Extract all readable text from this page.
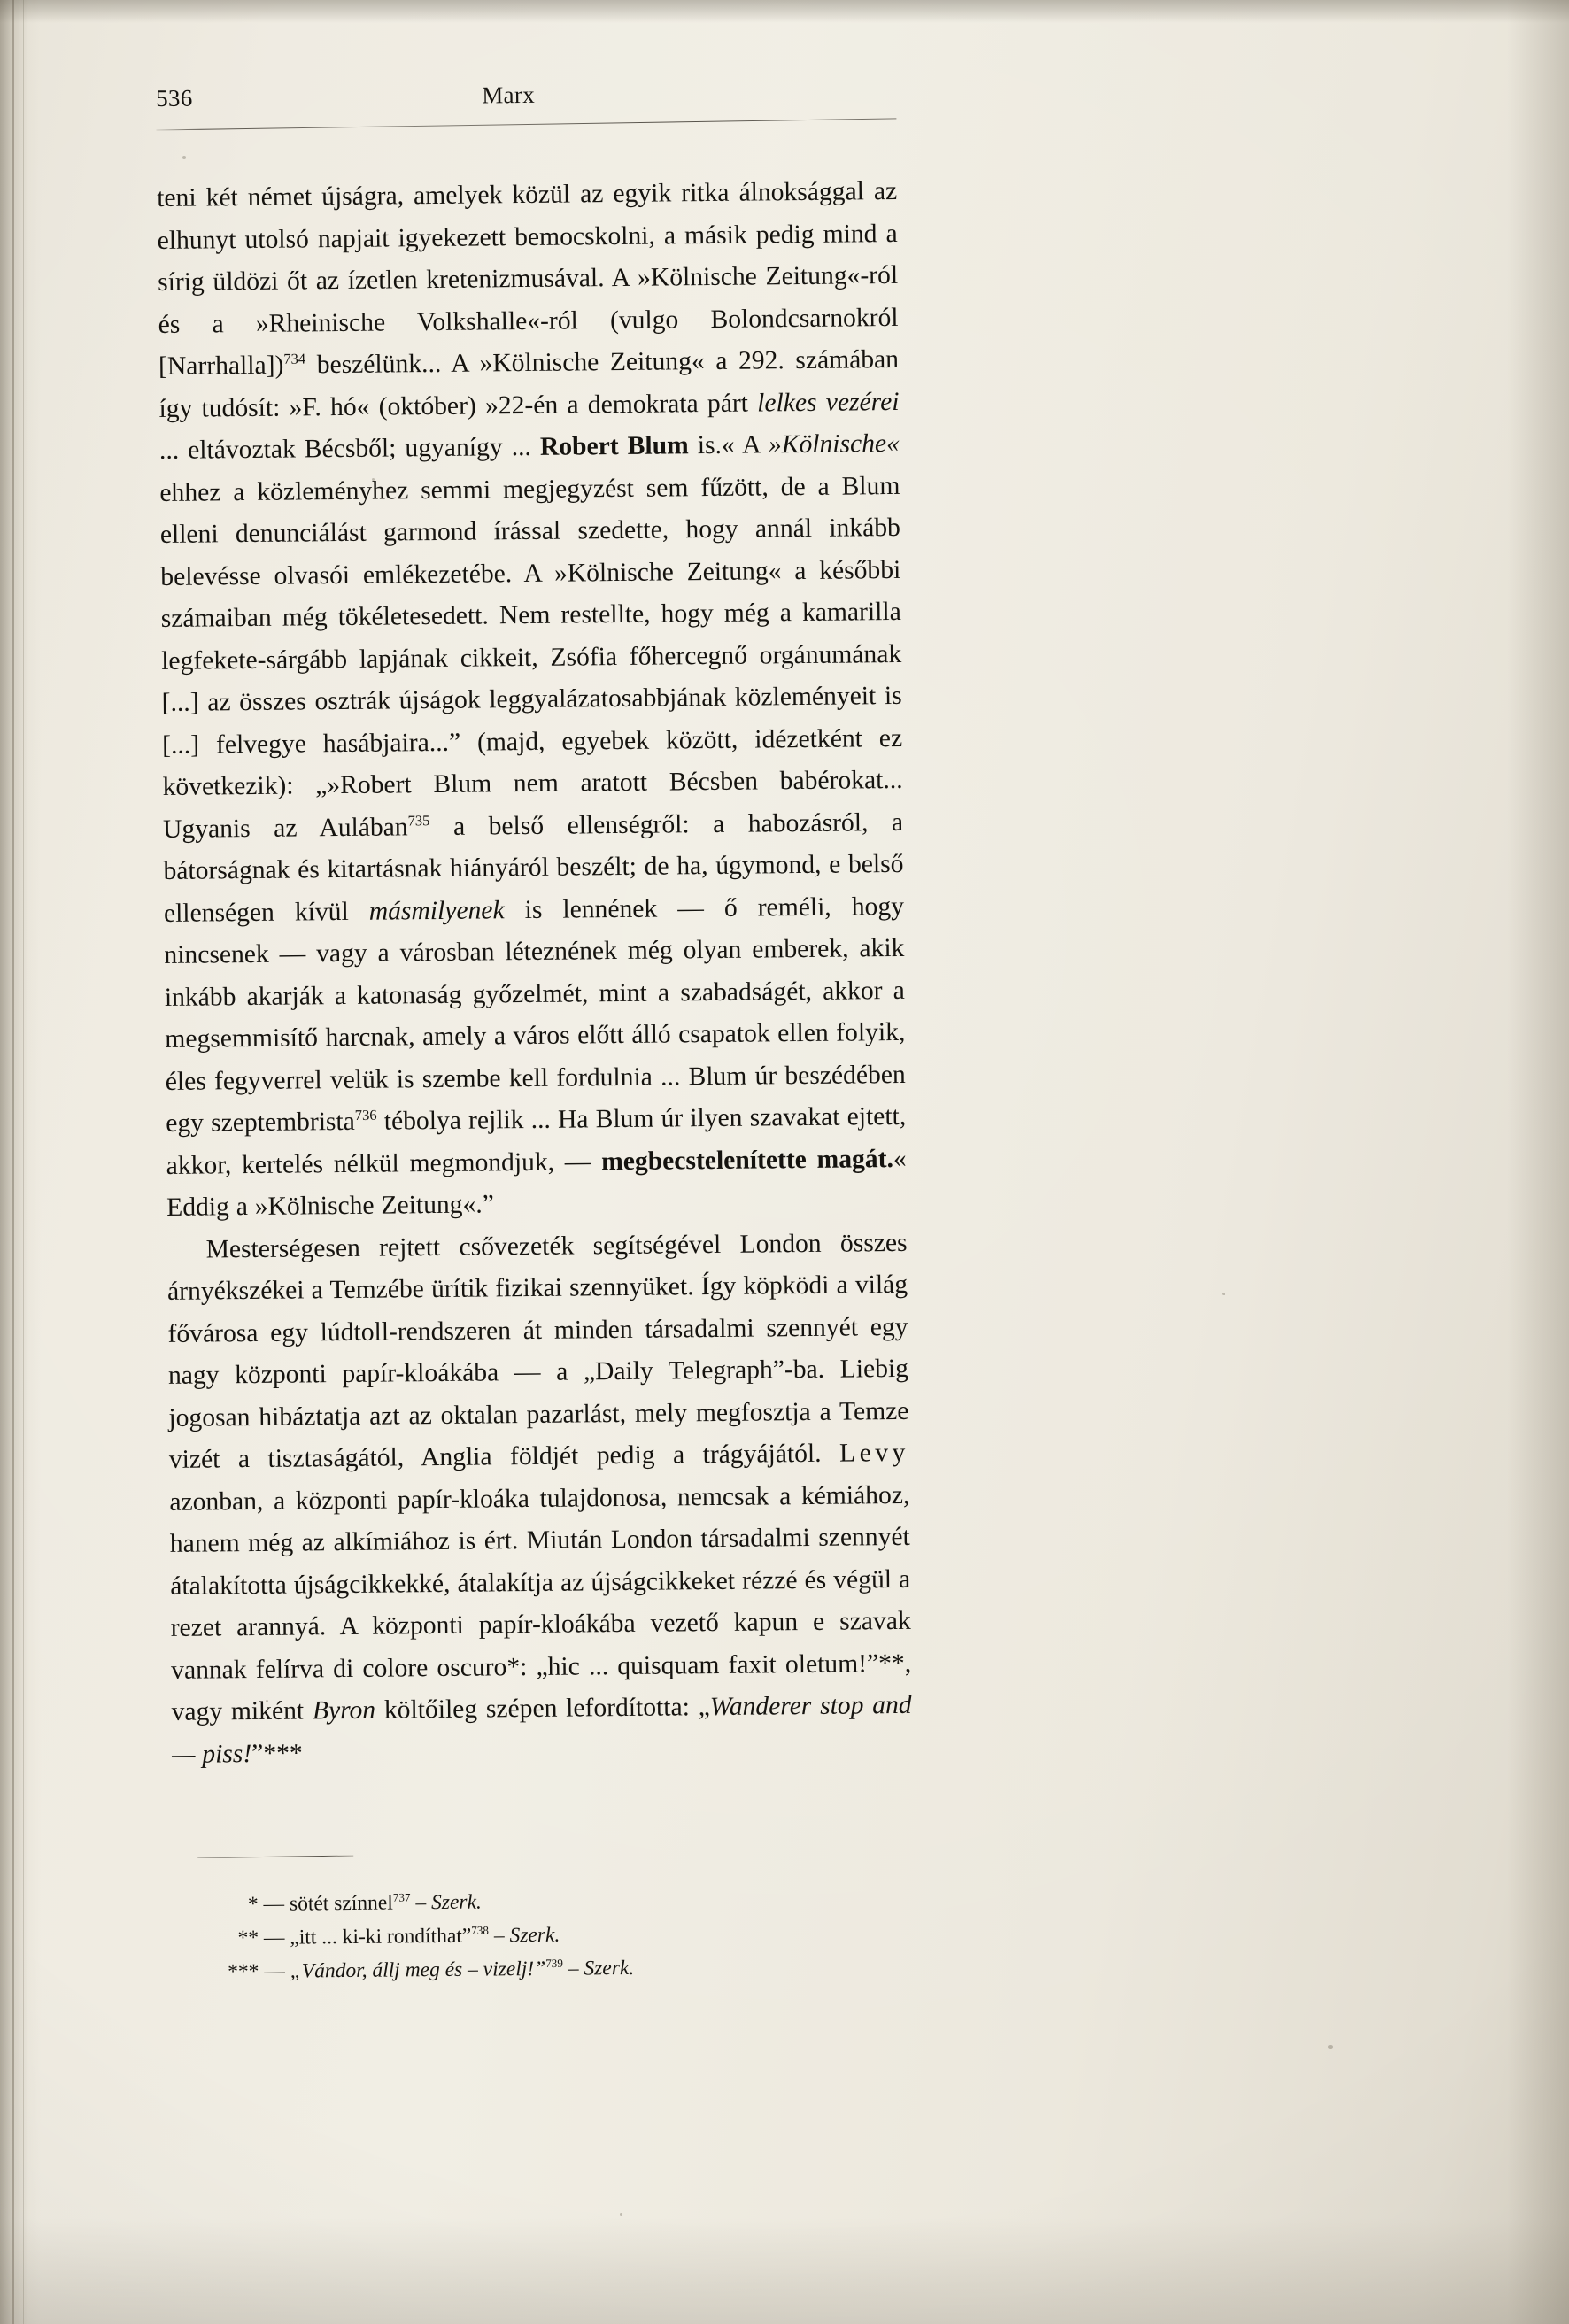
536	Marx

teni két német újságra, amelyek közül az egyik ritka álnoksággal az elhunyt utolsó napjait igyekezett bemocskolni, a másik pedig mind a sírig üldözi őt az ízetlen kretenizmusával. A »Kölnische Zeitung«-ról és a »Rheinische Volkshalle«-ról (vulgo Bolondcsarnokról [Narrhalla])$^{734}$ beszélünk... A »Kölnische Zeitung« a 292. számában így tudósít: »F. hó« (október) »22-én a demokrata párt lelkes vezérei ... eltávoztak Bécsből; ugyanígy ... Robert Blum is.« A »Kölnische« ehhez a közleményhez semmi megjegyzést sem fűzött, de a Blum elleni denunciálást garmond írással szedette, hogy annál inkább belevésse olvasói emlékezetébe. A »Kölnische Zeitung« a későbbi számaiban még tökéletesedett. Nem restellte, hogy még a kamarilla legfekete-sárgább lapjának cikkeit, Zsófia főhercegnő orgánumának [...] az összes osztrák újságok leggyalázatosabbjának közleményeit is [...] felvegye hasábjaira...” (majd, egyebek között, idézetként ez következik): „»Robert Blum nem aratott Bécsben babérokat... Ugyanis az Aulában$^{735}$ a belső ellenségről: a habozásról, a bátorságnak és kitartásnak hiányáról beszélt; de ha, úgymond, e belső ellenségen kívül másmilyenek is lennének — ő reméli, hogy nincsenek — vagy a városban léteznének még olyan emberek, akik inkább akarják a katonaság győzelmét, mint a szabadságét, akkor a megsemmisítő harcnak, amely a város előtt álló csapatok ellen folyik, éles fegyverrel velük is szembe kell fordulnia ... Blum úr beszédében egy szeptembrista$^{736}$ tébolya rejlik ... Ha Blum úr ilyen szavakat ejtett, akkor, kertelés nélkül megmondjuk, — megbecstelenítette magát.« Eddig a »Kölnische Zeitung«.”

Mesterségesen rejtett csővezeték segítségével London összes árnyékszékei a Temzébe ürítik fizikai szennyüket. Így köpködi a világ fővárosa egy lúdtoll-rendszeren át minden társadalmi szennyét egy nagy központi papír-kloákába — a „Daily Telegraph”-ba. Liebig jogosan hibáztatja azt az oktalan pazarlást, mely megfosztja a Temze vizét a tisztaságától, Anglia földjét pedig a trágyájától. Levy azonban, a központi papír-kloáka tulajdonosa, nemcsak a kémiához, hanem még az alkímiához is ért. Miután London társadalmi szennyét átalakította újságcikkekké, átalakítja az újságcikkeket rézzé és végül a rezet arannyá. A központi papír-kloákába vezető kapun e szavak vannak felírva di colore oscuro*: „hic ... quisquam faxit oletum!”**, vagy miként Byron költőileg szépen lefordította: „Wanderer stop and — piss!”***

* — sötét színnel$^{737}$ – Szerk.
** — „itt ... ki-ki rondíthat”$^{738}$ – Szerk.
*** — „Vándor, állj meg és – vizelj!”$^{739}$ – Szerk.
